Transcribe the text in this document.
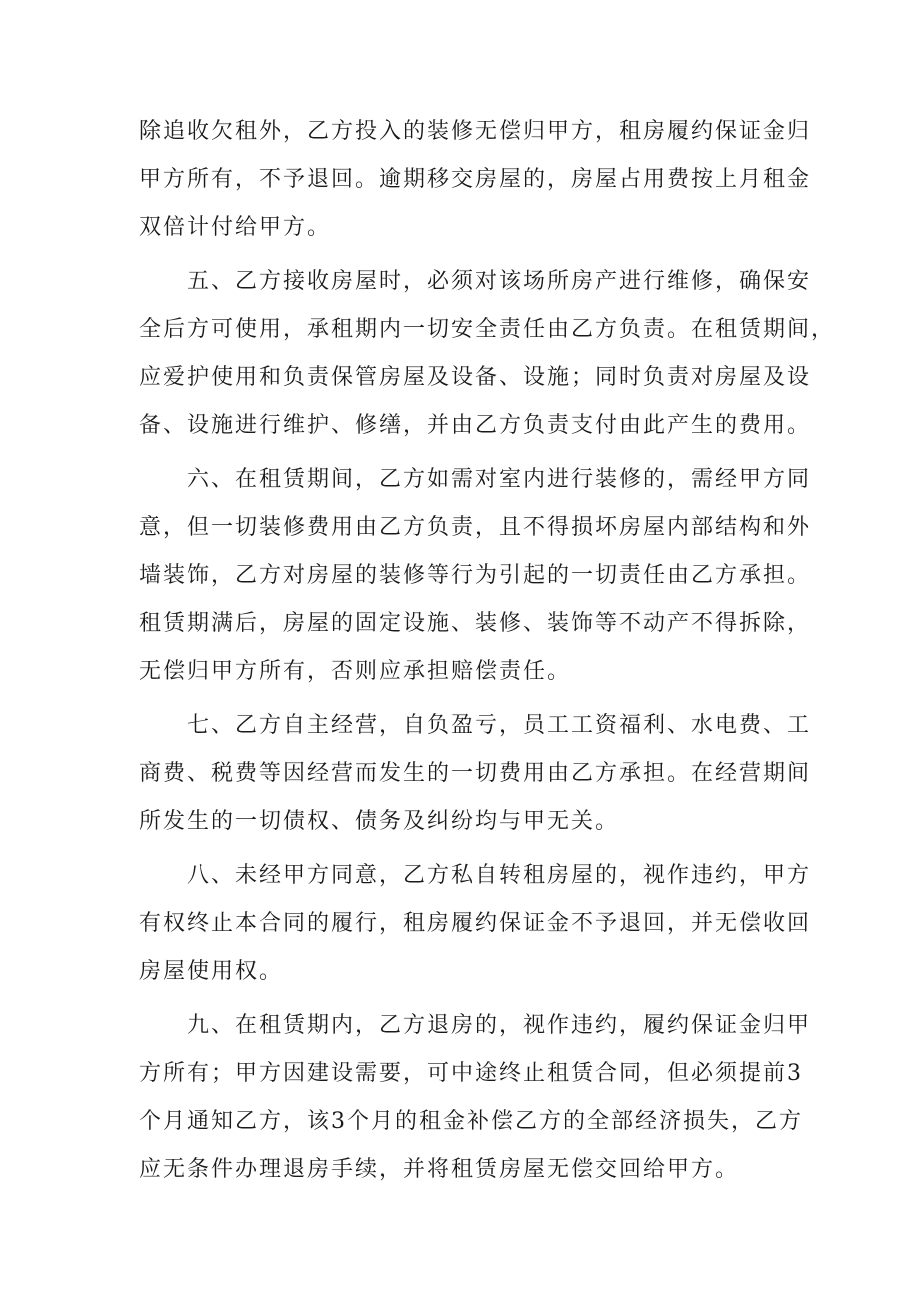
除追收欠租外，乙方投入的装修无偿归甲方，租房履约保证金归
甲方所有，不予退回。逾期移交房屋的，房屋占用费按上月租金
双倍计付给甲方。
五、乙方接收房屋时，必须对该场所房产进行维修，确保安
全后方可使用，承租期内一切安全责任由乙方负责。在租赁期间，
应爱护使用和负责保管房屋及设备、设施；同时负责对房屋及设
备、设施进行维护、修缮，并由乙方负责支付由此产生的费用。
六、在租赁期间，乙方如需对室内进行装修的，需经甲方同
意，但一切装修费用由乙方负责，且不得损坏房屋内部结构和外
墙装饰，乙方对房屋的装修等行为引起的一切责任由乙方承担。
租赁期满后，房屋的固定设施、装修、装饰等不动产不得拆除，
无偿归甲方所有，否则应承担赔偿责任。
七、乙方自主经营，自负盈亏，员工工资福利、水电费、工
商费、税费等因经营而发生的一切费用由乙方承担。在经营期间
所发生的一切债权、债务及纠纷均与甲无关。
八、未经甲方同意，乙方私自转租房屋的，视作违约，甲方
有权终止本合同的履行，租房履约保证金不予退回，并无偿收回
房屋使用权。
九、在租赁期内，乙方退房的，视作违约，履约保证金归甲
方所有；甲方因建设需要，可中途终止租赁合同，但必须提前3
个月通知乙方，该3个月的租金补偿乙方的全部经济损失，乙方
应无条件办理退房手续，并将租赁房屋无偿交回给甲方。
